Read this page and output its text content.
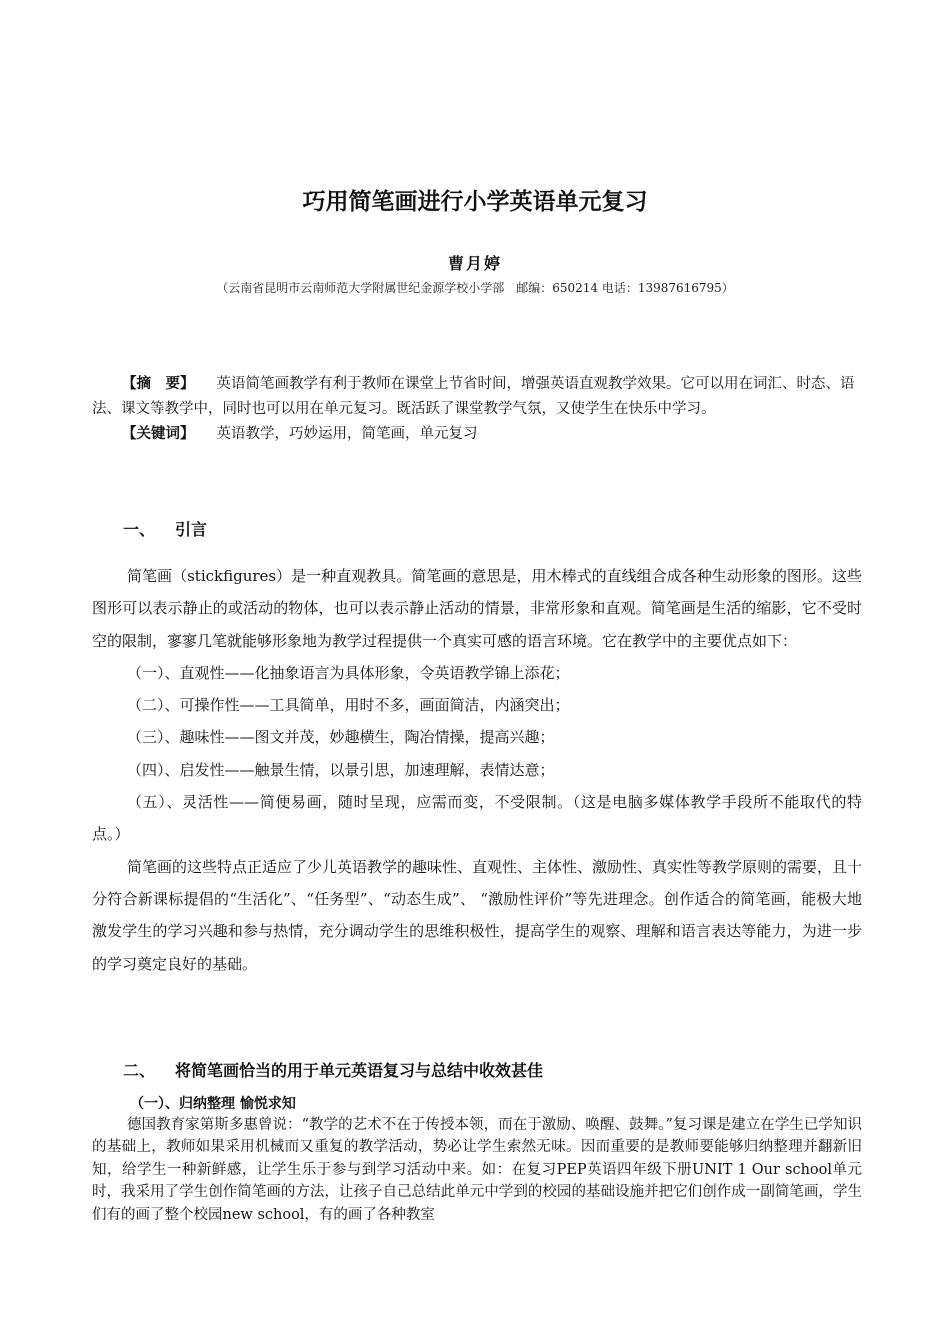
巧用简笔画进行小学英语单元复习
曹月婷
（云南省昆明市云南师范大学附属世纪金源学校小学部　邮编：650214 电话：13987616795）

【摘　要】 英语简笔画教学有利于教师在课堂上节省时间，增强英语直观教学效果。它可以用在词汇、时态、语法、课文等教学中，同时也可以用在单元复习。既活跃了课堂教学气氛，又使学生在快乐中学习。

【关键词】 英语教学，巧妙运用，简笔画，单元复习

一、 引言

简笔画（stickfigures）是一种直观教具。简笔画的意思是，用木棒式的直线组合成各种生动形象的图形。这些图形可以表示静止的或活动的物体，也可以表示静止活动的情景，非常形象和直观。简笔画是生活的缩影，它不受时空的限制，寥寥几笔就能够形象地为教学过程提供一个真实可感的语言环境。它在教学中的主要优点如下：

（一）、直观性——化抽象语言为具体形象，令英语教学锦上添花；

（二）、可操作性——工具简单，用时不多，画面简洁，内涵突出；

（三）、趣味性——图文并茂，妙趣横生，陶冶情操，提高兴趣；

（四）、启发性——触景生情，以景引思，加速理解，表情达意；

（五）、灵活性——简便易画，随时呈现，应需而变，不受限制。（这是电脑多媒体教学手段所不能取代的特点。）

简笔画的这些特点正适应了少儿英语教学的趣味性、直观性、主体性、激励性、真实性等教学原则的需要，且十分符合新课标提倡的“生活化”、“任务型”、“动态生成”、 “激励性评价”等先进理念。创作适合的简笔画，能极大地激发学生的学习兴趣和参与热情，充分调动学生的思维积极性，提高学生的观察、理解和语言表达等能力，为进一步的学习奠定良好的基础。

二、 将简笔画恰当的用于单元英语复习与总结中收效甚佳
（一）、归纳整理 愉悦求知

德国教育家第斯多惠曾说：“教学的艺术不在于传授本领，而在于激励、唤醒、鼓舞。”复习课是建立在学生已学知识的基础上，教师如果采用机械而又重复的教学活动，势必让学生索然无味。因而重要的是教师要能够归纳整理并翻新旧知，给学生一种新鲜感，让学生乐于参与到学习活动中来。如：在复习PEP英语四年级下册UNIT 1 Our school单元时，我采用了学生创作简笔画的方法，让孩子自己总结此单元中学到的校园的基础设施并把它们创作成一副简笔画，学生们有的画了整个校园new school，有的画了各种教室
